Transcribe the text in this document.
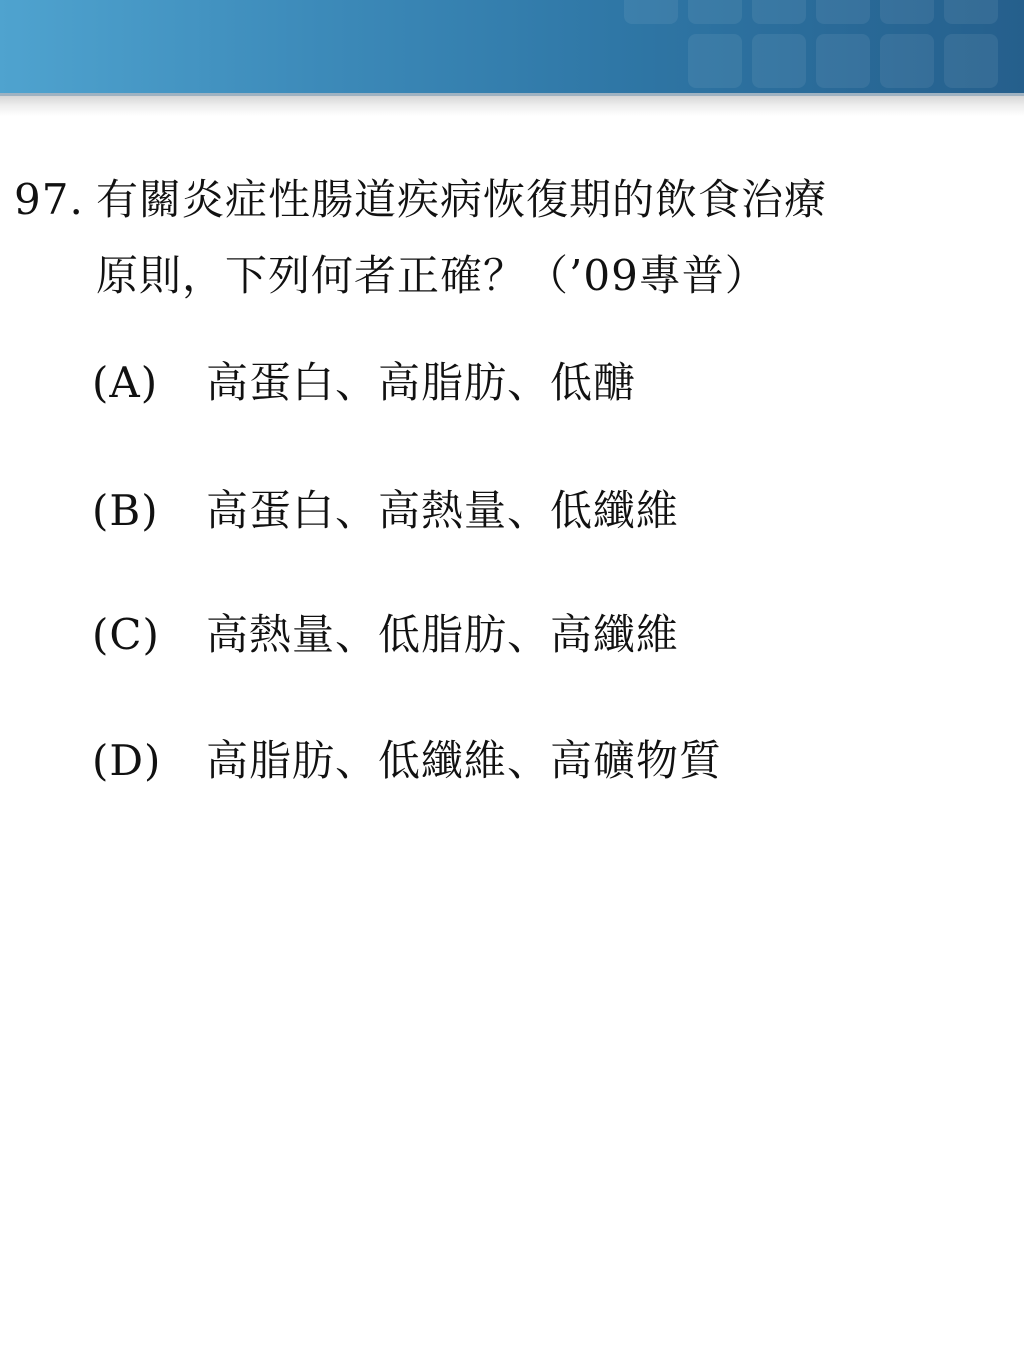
97. 有關炎症性腸道疾病恢復期的飲食治療
原則，下列何者正確？（’09專普）
(A) 高蛋白、高脂肪、低醣
(B) 高蛋白、高熱量、低纖維
(C) 高熱量、低脂肪、高纖維
(D) 高脂肪、低纖維、高礦物質
